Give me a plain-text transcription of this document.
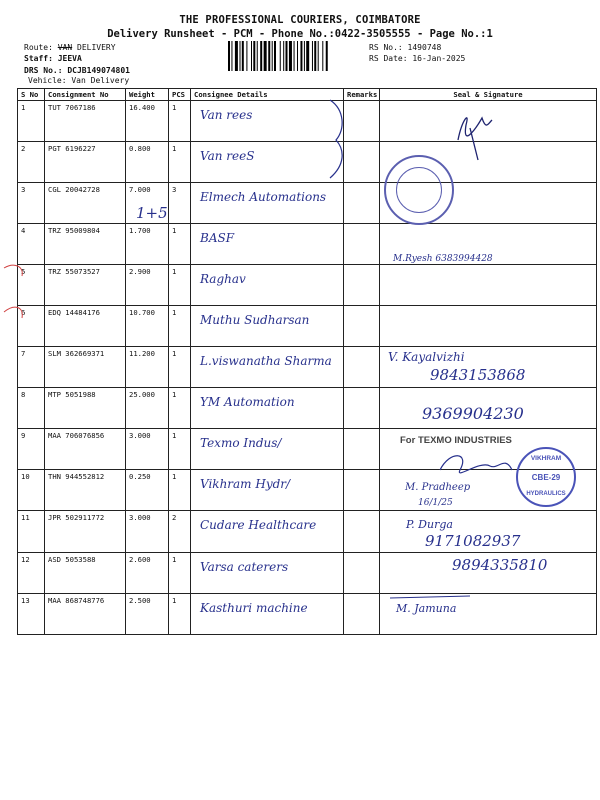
THE PROFESSIONAL COURIERS, COIMBATORE
Delivery Runsheet - PCM - Phone No.:0422-3505555 - Page No.:1
Route: VAN DELIVERY
Staff: JEEVA
DRS No.: DCJB149074801
Vehicle: Van Delivery
RS No.: 1490748
RS Date: 16-Jan-2025
S No	Consignment No	Weight	PCS	Consignee Details	Remarks	Seal & Signature
1	TUT 7067186	16.400	1	Van rees		

2	PGT 6196227	0.800	1	Van reeS		

3	CGL 20042728	7.000	3	Elmech Automations		

4	TRZ 95009804	1.700	1	BASF		

5	TRZ 55073527	2.900	1	Raghav		

6	EDQ 14484176	10.700	1	Muthu Sudharsan		

7	SLM 362669371	11.200	1	L.viswanatha Sharma		

8	MTP 5051988	25.000	1	YM Automation		

9	MAA 706076856	3.000	1	Texmo Indus/		

10	THN 944552812	0.250	1	Vikhram Hydr/		

11	JPR 502911772	3.000	2	Cudare Healthcare		

12	ASD 5053588	2.600	1	Varsa caterers		

13	MAA 868748776	2.500	1	Kasthuri machine		

1+5
M.Ryesh 6383994428
V. Kayalvizhi
9843153868
9369904230
For TEXMO INDUSTRIES
M. Pradheep
16/1/25
P. Durga
9171082937
9894335810
M. Jamuna
VIKHRAM
CBE-29
HYDRAULICS
